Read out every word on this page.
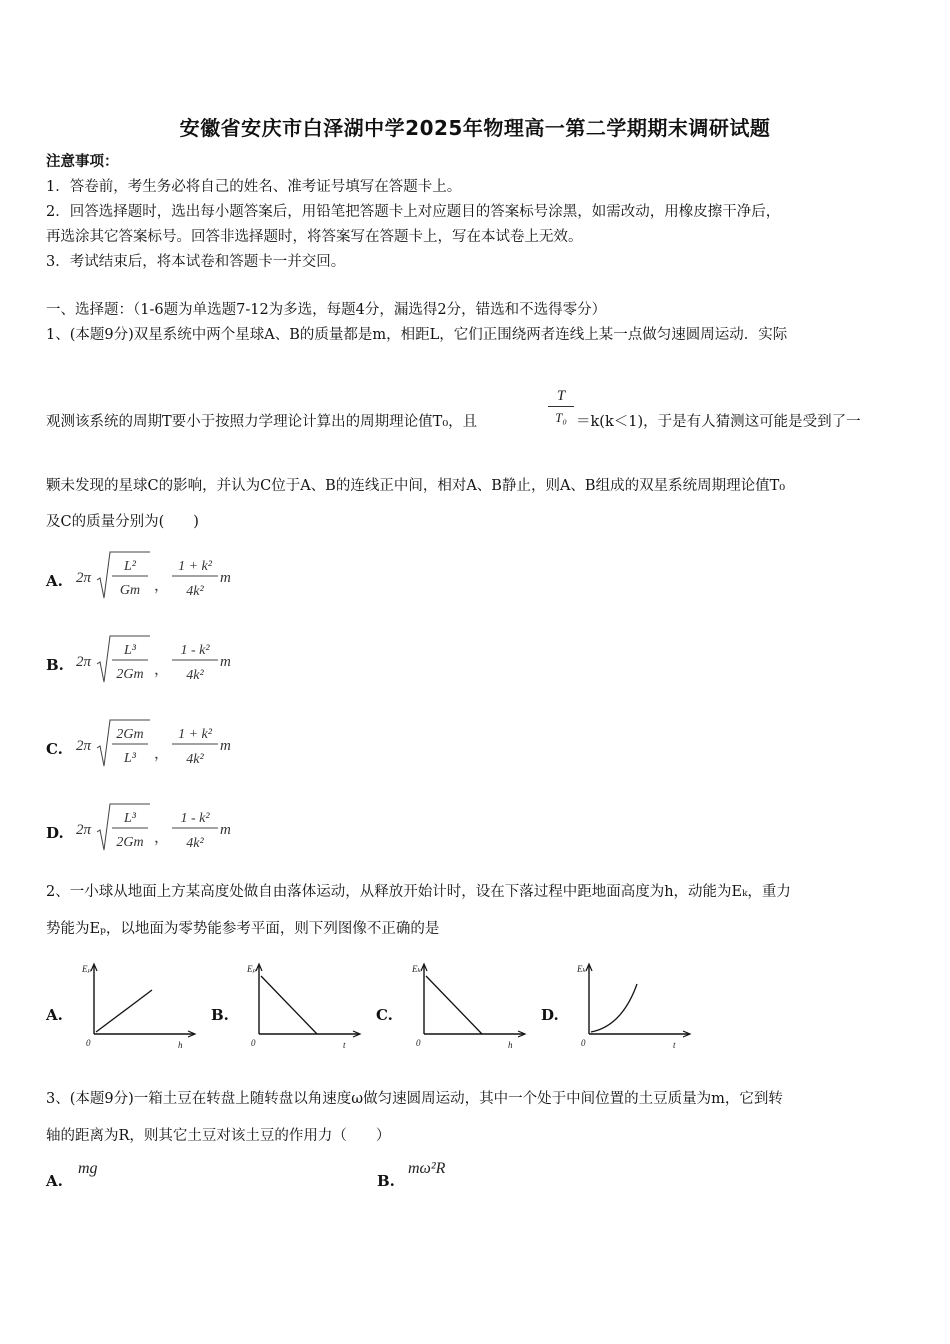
安徽省安庆市白泽湖中学2025年物理高一第二学期期末调研试题
注意事项：
1．答卷前，考生务必将自己的姓名、准考证号填写在答题卡上。
2．回答选择题时，选出每小题答案后，用铅笔把答题卡上对应题目的答案标号涂黑，如需改动，用橡皮擦干净后，
再选涂其它答案标号。回答非选择题时，将答案写在答题卡上，写在本试卷上无效。
3．考试结束后，将本试卷和答题卡一并交回。
一、选择题：（1-6题为单选题7-12为多选，每题4分，漏选得2分，错选和不选得零分）
1、(本题9分)双星系统中两个星球A、B的质量都是m，相距L，它们正围绕两者连线上某一点做匀速圆周运动．实际
观测该系统的周期T要小于按照力学理论计算出的周期理论值T₀，且
T
T₀ ＝k(k＜1)，于是有人猜测这可能是受到了一
颗未发现的星球C的影响，并认为C位于A、B的连线正中间，相对A、B静止，则A、B组成的双星系统周期理论值T₀
及C的质量分别为(　　)
A. 2π
L²
Gm ，
1 + k²
4k²
m
B. 2π
L³
2Gm ，
1 - k²
4k²
m
C. 2π
2Gm
L³ ，
1 + k²
4k²
m
D. 2π
L³
2Gm ，
1 - k²
4k²
m
2、一小球从地面上方某高度处做自由落体运动，从释放开始计时，设在下落过程中距地面高度为h，动能为Eₖ，重力
势能为Eₚ，以地面为零势能参考平面，则下列图像不正确的是
A.
Eₚ
h
0
B.
Eₚ
t
0
C.
Eₖ
h
0
D.
Eₖ
t
0
3、(本题9分)一箱土豆在转盘上随转盘以角速度ω做匀速圆周运动，其中一个处于中间位置的土豆质量为m，它到转
轴的距离为R，则其它土豆对该土豆的作用力（　　）
A.
mg
B.
mω²R
